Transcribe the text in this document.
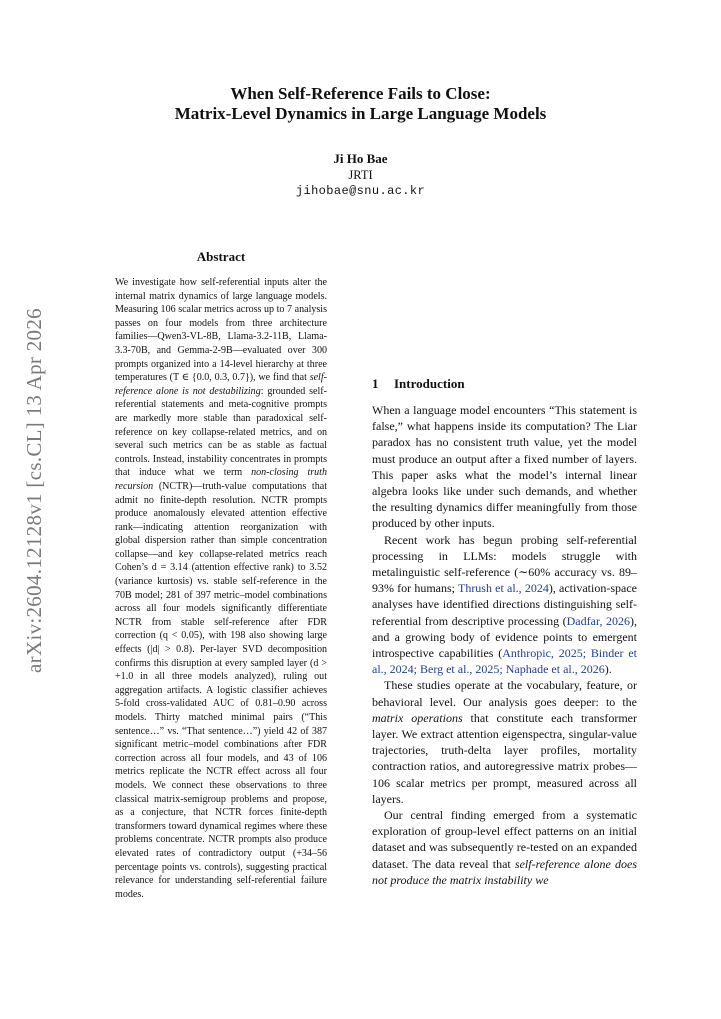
arXiv:2604.12128v1 [cs.CL] 13 Apr 2026
When Self-Reference Fails to Close:
Matrix-Level Dynamics in Large Language Models
Ji Ho Bae
JRTI
jihobae@snu.ac.kr
Abstract
We investigate how self-referential inputs alter the internal matrix dynamics of large language models. Measuring 106 scalar metrics across up to 7 analysis passes on four models from three architecture families—Qwen3-VL-8B, Llama-3.2-11B, Llama-3.3-70B, and Gemma-2-9B—evaluated over 300 prompts organized into a 14-level hierarchy at three temperatures (T ∈ {0.0, 0.3, 0.7}), we find that self-reference alone is not destabilizing: grounded self-referential statements and meta-cognitive prompts are markedly more stable than paradoxical self-reference on key collapse-related metrics, and on several such metrics can be as stable as factual controls. Instead, instability concentrates in prompts that induce what we term non-closing truth recursion (NCTR)—truth-value computations that admit no finite-depth resolution. NCTR prompts produce anomalously elevated attention effective rank—indicating attention reorganization with global dispersion rather than simple concentration collapse—and key collapse-related metrics reach Cohen’s d = 3.14 (attention effective rank) to 3.52 (variance kurtosis) vs. stable self-reference in the 70B model; 281 of 397 metric–model combinations across all four models significantly differentiate NCTR from stable self-reference after FDR correction (q < 0.05), with 198 also showing large effects (|d| > 0.8). Per-layer SVD decomposition confirms this disruption at every sampled layer (d > +1.0 in all three models analyzed), ruling out aggregation artifacts. A logistic classifier achieves 5-fold cross-validated AUC of 0.81–0.90 across models. Thirty matched minimal pairs (“This sentence…” vs. “That sentence…”) yield 42 of 387 significant metric–model combinations after FDR correction across all four models, and 43 of 106 metrics replicate the NCTR effect across all four models. We connect these observations to three classical matrix-semigroup problems and propose, as a conjecture, that NCTR forces finite-depth transformers toward dynamical regimes where these problems concentrate. NCTR prompts also produce elevated rates of contradictory output (+34–56 percentage points vs. controls), suggesting practical relevance for understanding self-referential failure modes.
1 Introduction

When a language model encounters “This statement is false,” what happens inside its computation? The Liar paradox has no consistent truth value, yet the model must produce an output after a fixed number of layers. This paper asks what the model’s internal linear algebra looks like under such demands, and whether the resulting dynamics differ meaningfully from those produced by other inputs.

Recent work has begun probing self-referential processing in LLMs: models struggle with metalinguistic self-reference (∼60% accuracy vs. 89–93% for humans; Thrush et al., 2024), activation-space analyses have identified directions distinguishing self-referential from descriptive processing (Dadfar, 2026), and a growing body of evidence points to emergent introspective capabilities (Anthropic, 2025; Binder et al., 2024; Berg et al., 2025; Naphade et al., 2026).

These studies operate at the vocabulary, feature, or behavioral level. Our analysis goes deeper: to the matrix operations that constitute each transformer layer. We extract attention eigenspectra, singular-value trajectories, truth-delta layer profiles, mortality contraction ratios, and autoregressive matrix probes—106 scalar metrics per prompt, measured across all layers.

Our central finding emerged from a systematic exploration of group-level effect patterns on an initial dataset and was subsequently re-tested on an expanded dataset. The data reveal that self-reference alone does not produce the matrix instability we
